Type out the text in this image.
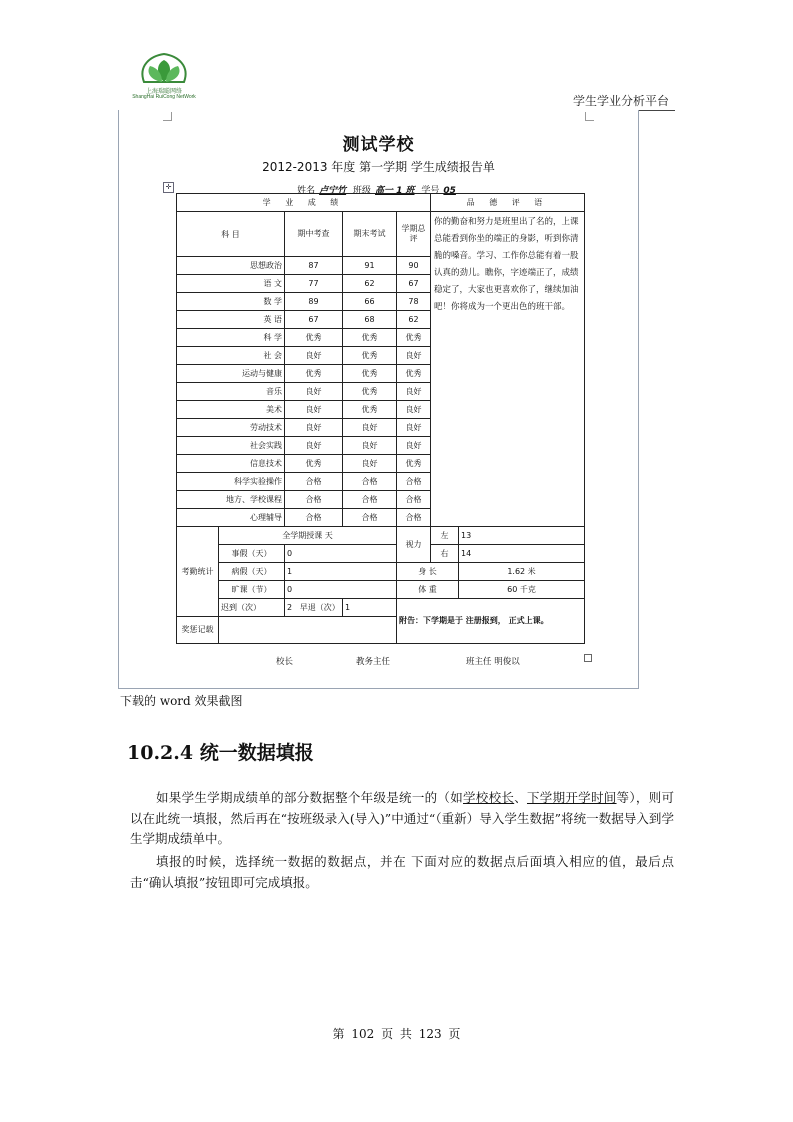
上海瑞聪网络
ShangHai RuiCong NetWork	学生学业分析平台
测试学校
2012-2013 年度 第一学期 学生成绩报告单
✛	姓名 卢宁竹 班级 高一 1 班 学号 05
学 业 成 绩					品 德 评 语	
科 目		期中考查	期末考试	学期总评	你的勤奋和努力是班里出了名的，上课总能看到你坐的端正的身影，听到你清脆的嗓音。学习、工作你总能有着一股认真的劲儿。瞧你，字迹端正了，成绩稳定了，大家也更喜欢你了，继续加油吧！你将成为一个更出色的班干部。	
思想政治		87	91	90		
语 文		77	62	67		
数 学		89	66	78		
英 语		67	68	62		
科 学		优秀	优秀	优秀		
社 会		良好	优秀	良好		
运动与健康		优秀	优秀	优秀		
音乐		良好	优秀	良好		
美术		良好	优秀	良好		
劳动技术		良好	良好	良好		
社会实践		良好	良好	良好		
信息技术		优秀	良好	优秀		
科学实验操作		合格	合格	合格		
地方、学校课程		合格	合格	合格		
心理辅导		合格	合格	合格		
考勤统计	全学期授课 天			视力	左	13
	事假（天）	0			右	14
	病假（天）	1		身 长		1.62 米
	旷课（节）	0		体 重		60 千克
	迟到（次）	2 早退（次）	1	附告：下学期是于 注册报到， 正式上课。		
奖惩记载						
校长	教务主任	班主任 明俊以
下载的 word 效果截图
10.2.4 统一数据填报
如果学生学期成绩单的部分数据整个年级是统一的（如学校校长、下学期开学时间等），则可以在此统一填报，然后再在“按班级录入(导入)”中通过“（重新）导入学生数据”将统一数据导入到学生学期成绩单中。
填报的时候，选择统一数据的数据点，并在 下面对应的数据点后面填入相应的值，最后点击“确认填报”按钮即可完成填报。
第 102 页 共 123 页
